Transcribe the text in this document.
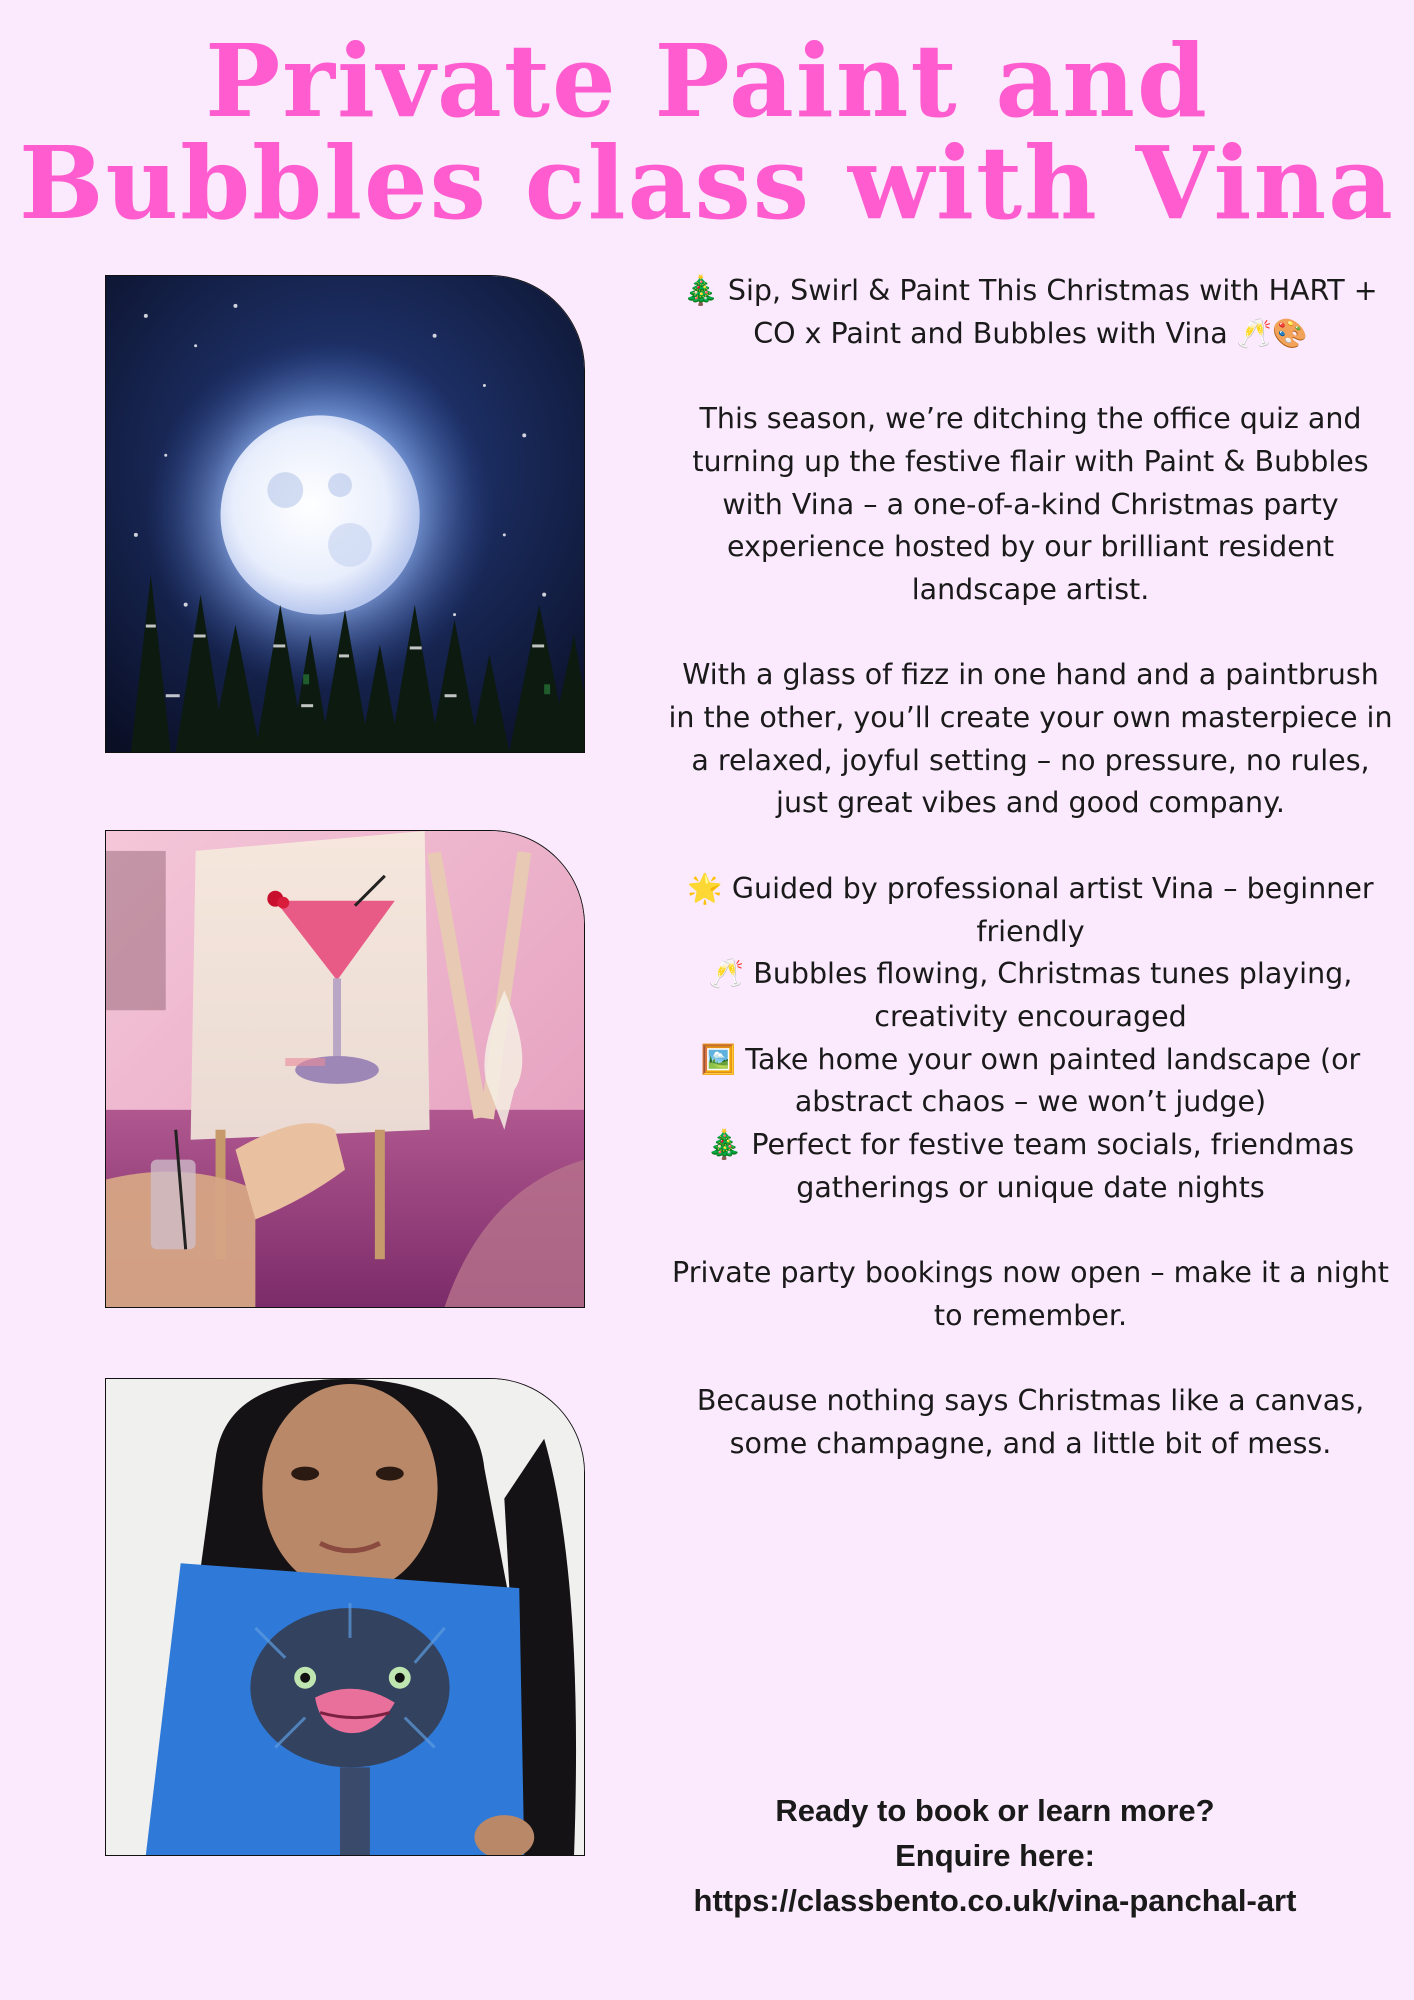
Private Paint and
Bubbles class with Vina

🎄 Sip, Swirl & Paint This Christmas with HART + CO x Paint and Bubbles with Vina 🥂🎨

This season, we’re ditching the office quiz and turning up the festive flair with Paint & Bubbles with Vina – a one-of-a-kind Christmas party experience hosted by our brilliant resident landscape artist.

With a glass of fizz in one hand and a paintbrush in the other, you’ll create your own masterpiece in a relaxed, joyful setting – no pressure, no rules, just great vibes and good company.

🌟 Guided by professional artist Vina – beginner friendly

🥂 Bubbles flowing, Christmas tunes playing, creativity encouraged

🖼️ Take home your own painted landscape (or abstract chaos – we won’t judge)

🎄 Perfect for festive team socials, friendmas gatherings or unique date nights

Private party bookings now open – make it a night to remember.

Because nothing says Christmas like a canvas, some champagne, and a little bit of mess.

Ready to book or learn more?

Enquire here:

https://classbento.co.uk/vina-panchal-art
